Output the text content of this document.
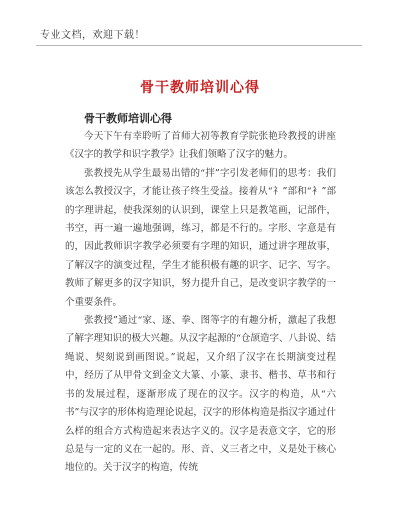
专业文档，欢迎下载！
骨干教师培训心得
骨干教师培训心得

今天下午有幸聆听了首师大初等教育学院张艳玲教授的讲座《汉字的教学和识字教学》让我们领略了汉字的魅力。

张教授先从学生最易出错的“拌”字引发老师们的思考：我们该怎么教授汉字，才能让孩子终生受益。接着从“礻”部和“衤”部的字理讲起，使我深刻的认识到，课堂上只是教笔画，记部件，书空，再一遍一遍地强调，练习，都是不行的。字形、字意是有的，因此教师识字教学必须要有字理的知识，通过讲字理故事，了解汉字的演变过程，学生才能积极有趣的识字、记字、写字。教师了解更多的汉字知识，努力提升自己，是改变识字教学的一个重要条件。

张教授”通过“家、逐、拳、图等字的有趣分析，激起了我想了解字理知识的极大兴趣。从汉字起源的“仓颉造字、八卦说、结绳说、契刻说到画图说。”说起，又介绍了汉字在长期演变过程中，经历了从甲骨文到金文大篆、小篆、隶书、楷书、草书和行书的发展过程，逐渐形成了现在的汉字。汉字的构造，从“六书”与汉字的形体构造理论说起，汉字的形体构造是指汉字通过什么样的组合方式构造起来表达字义的。汉字是表意文字，它的形总是与一定的义在一起的。形、音、义三者之中，义是处于核心地位的。关于汉字的构造，传统
